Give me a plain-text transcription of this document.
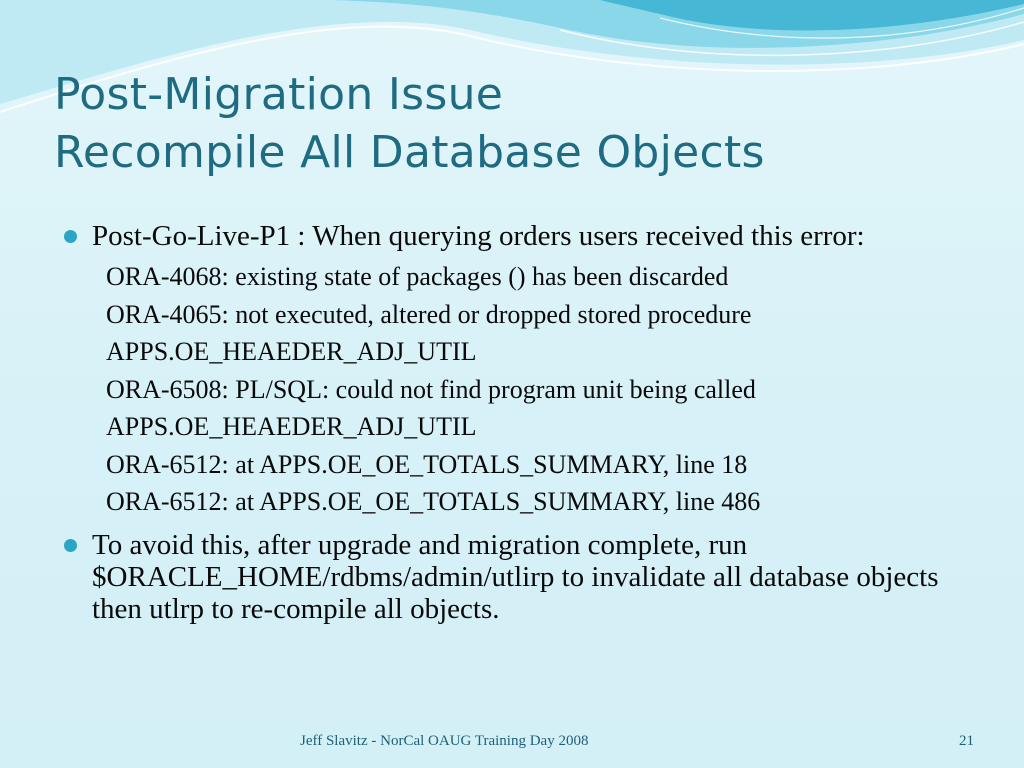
Post-Migration Issue
Recompile All Database Objects
Post-Go-Live-P1 : When querying orders users received this error:
ORA-4068: existing state of packages () has been discarded
ORA-4065: not executed, altered or dropped stored procedure
APPS.OE_HEAEDER_ADJ_UTIL
ORA-6508: PL/SQL: could not find program unit being called
APPS.OE_HEAEDER_ADJ_UTIL
ORA-6512: at APPS.OE_OE_TOTALS_SUMMARY, line 18
ORA-6512: at APPS.OE_OE_TOTALS_SUMMARY, line 486
To avoid this, after upgrade and migration complete, run $ORACLE_HOME/rdbms/admin/utlirp to invalidate all database objects then utlrp to re-compile all objects.
Jeff Slavitz - NorCal OAUG Training Day 2008	21
